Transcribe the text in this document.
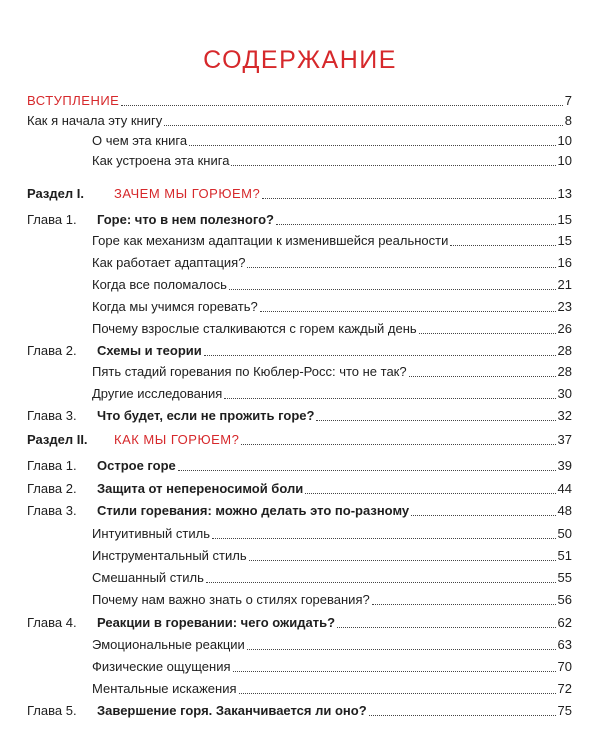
СОДЕРЖАНИЕ
ВСТУПЛЕНИЕ	7
Как я начала эту книгу	8
О чем эта книга	10
Как устроена эта книга	10
Раздел I.	ЗАЧЕМ МЫ ГОРЮЕМ?	13
Глава 1.	Горе: что в нем полезного?	15
Горе как механизм адаптации к изменившейся реальности	15
Как работает адаптация?	16
Когда все поломалось	21
Когда мы учимся горевать?	23
Почему взрослые сталкиваются с горем каждый день	26
Глава 2.	Схемы и теории	28
Пять стадий горевания по Кюблер-Росс: что не так?	28
Другие исследования	30
Глава 3.	Что будет, если не прожить горе?	32
Раздел II.	КАК МЫ ГОРЮЕМ?	37
Глава 1.	Острое горе	39
Глава 2.	Защита от непереносимой боли	44
Глава 3.	Стили горевания: можно делать это по-разному	48
Интуитивный стиль	50
Инструментальный стиль	51
Смешанный стиль	55
Почему нам важно знать о стилях горевания?	56
Глава 4.	Реакции в горевании: чего ожидать?	62
Эмоциональные реакции	63
Физические ощущения	70
Ментальные искажения	72
Глава 5.	Завершение горя. Заканчивается ли оно?	75
